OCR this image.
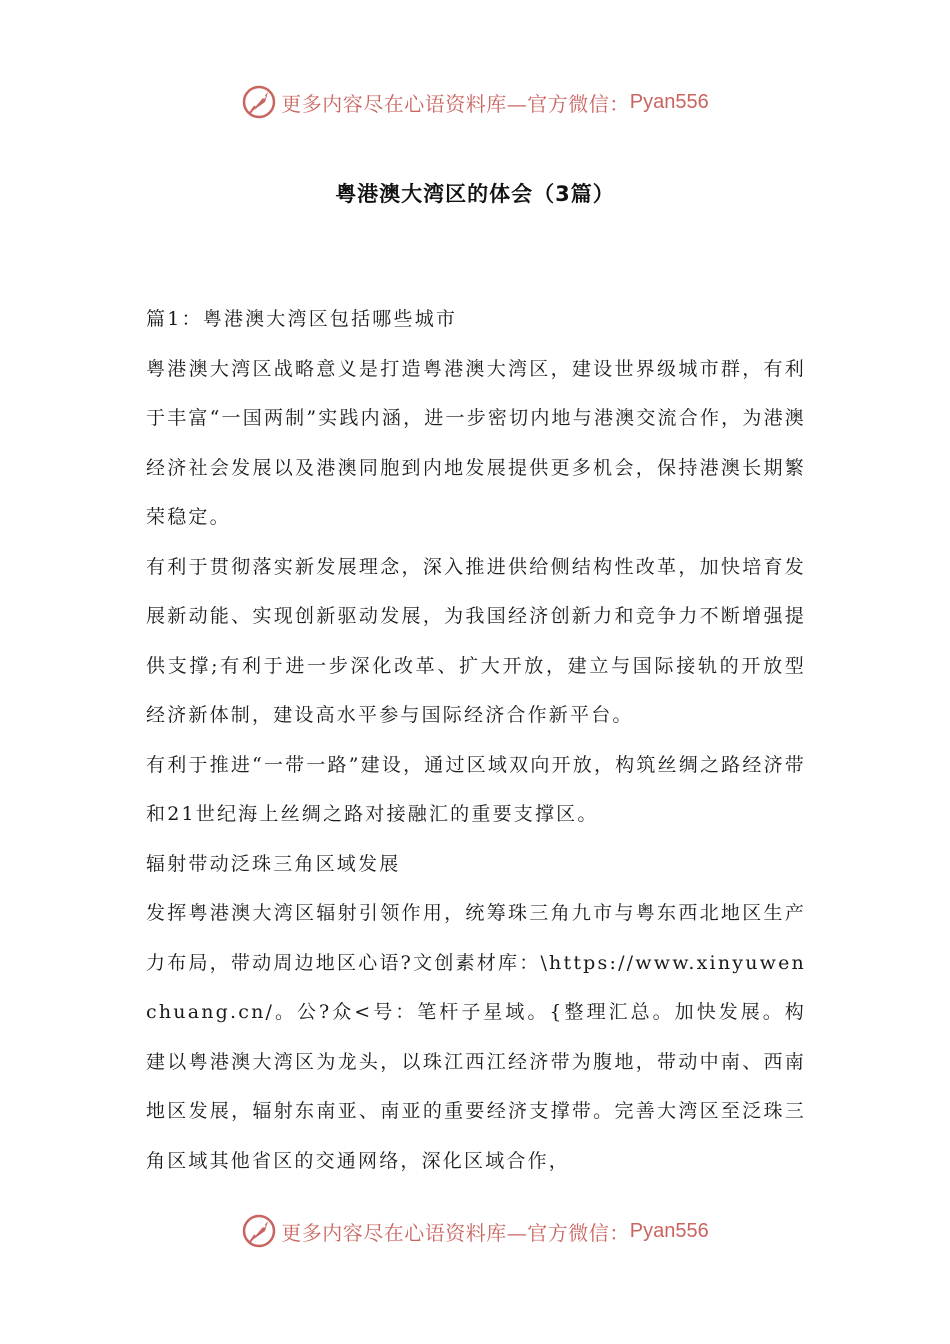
更多内容尽在心语资料库—官方微信： Pyan556
粤港澳大湾区的体会（3篇）

篇1：粤港澳大湾区包括哪些城市

粤港澳大湾区战略意义是打造粤港澳大湾区，建设世界级城市群，有利于丰富“一国两制”实践内涵，进一步密切内地与港澳交流合作，为港澳经济社会发展以及港澳同胞到内地发展提供更多机会，保持港澳长期繁荣稳定。

有利于贯彻落实新发展理念，深入推进供给侧结构性改革，加快培育发展新动能、实现创新驱动发展，为我国经济创新力和竞争力不断增强提供支撑;有利于进一步深化改革、扩大开放，建立与国际接轨的开放型经济新体制，建设高水平参与国际经济合作新平台。

有利于推进“一带一路”建设，通过区域双向开放，构筑丝绸之路经济带和21世纪海上丝绸之路对接融汇的重要支撑区。

辐射带动泛珠三角区域发展

发挥粤港澳大湾区辐射引领作用，统筹珠三角九市与粤东西北地区生产力布局，带动周边地区心语?文创素材库：\https://www.xinyuwenchuang.cn/。公?众<号：笔杆子星域。{整理汇总。加快发展。构建以粤港澳大湾区为龙头，以珠江西江经济带为腹地，带动中南、西南地区发展，辐射东南亚、南亚的重要经济支撑带。完善大湾区至泛珠三角区域其他省区的交通网络，深化区域合作，

更多内容尽在心语资料库—官方微信： Pyan556
